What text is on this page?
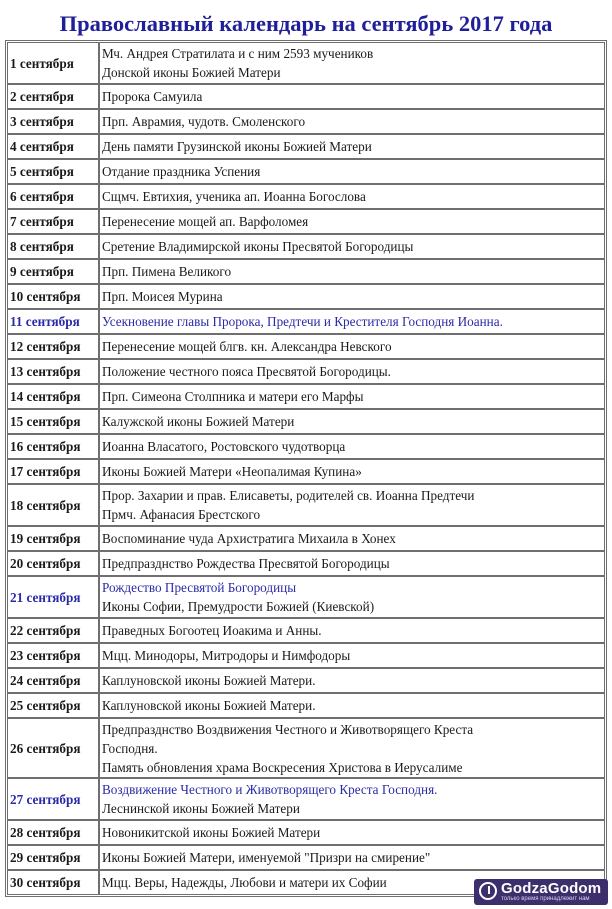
Православный календарь на сентябрь 2017 года
1 сентября	Мч. Андрея Стратилата и с ним 2593 мучеников
Донской иконы Божией Матери

2 сентября	Пророка Самуила

3 сентября	Прп. Аврамия, чудотв. Смоленского

4 сентября	День памяти Грузинской иконы Божией Матери

5 сентября	Отдание праздника Успения

6 сентября	Сщмч. Евтихия, ученика ап. Иоанна Богослова

7 сентября	Перенесение мощей ап. Варфоломея

8 сентября	Сретение Владимирской иконы Пресвятой Богородицы

9 сентября	Прп. Пимена Великого

10 сентября	Прп. Моисея Мурина

11 сентября	Усекновение главы Пророка, Предтечи и Крестителя Господня Иоанна.

12 сентября	Перенесение мощей блгв. кн. Александра Невского

13 сентября	Положение честного пояса Пресвятой Богородицы.

14 сентября	Прп. Симеона Столпника и матери его Марфы

15 сентября	Калужской иконы Божией Матери

16 сентября	Иоанна Власатого, Ростовского чудотворца

17 сентября	Иконы Божией Матери «Неопалимая Купина»

18 сентября	Прор. Захарии и прав. Елисаветы, родителей св. Иоанна Предтечи
Прмч. Афанасия Брестского

19 сентября	Воспоминание чуда Архистратига Михаила в Хонех

20 сентября	Предпразднство Рождества Пресвятой Богородицы

21 сентября	Рождество Пресвятой Богородицы
Иконы Софии, Премудрости Божией (Киевской)

22 сентября	Праведных Богоотец Иоакима и Анны.

23 сентября	Мцц. Минодоры, Митродоры и Нимфодоры

24 сентября	Каплуновской иконы Божией Матери.

25 сентября	Каплуновской иконы Божией Матери.

26 сентября	Предпразднство Воздвижения Честного и Животворящего Креста
Господня.
Память обновления храма Воскресения Христова в Иерусалиме

27 сентября	Воздвижение Честного и Животворящего Креста Господня.
Леснинской иконы Божией Матери

28 сентября	Новоникитской иконы Божией Матери

29 сентября	Иконы Божией Матери, именуемой "Призри на смирение"

30 сентября	Мцц. Веры, Надежды, Любови и матери их Софии	GodzaGodom
только время принадлежит нам
